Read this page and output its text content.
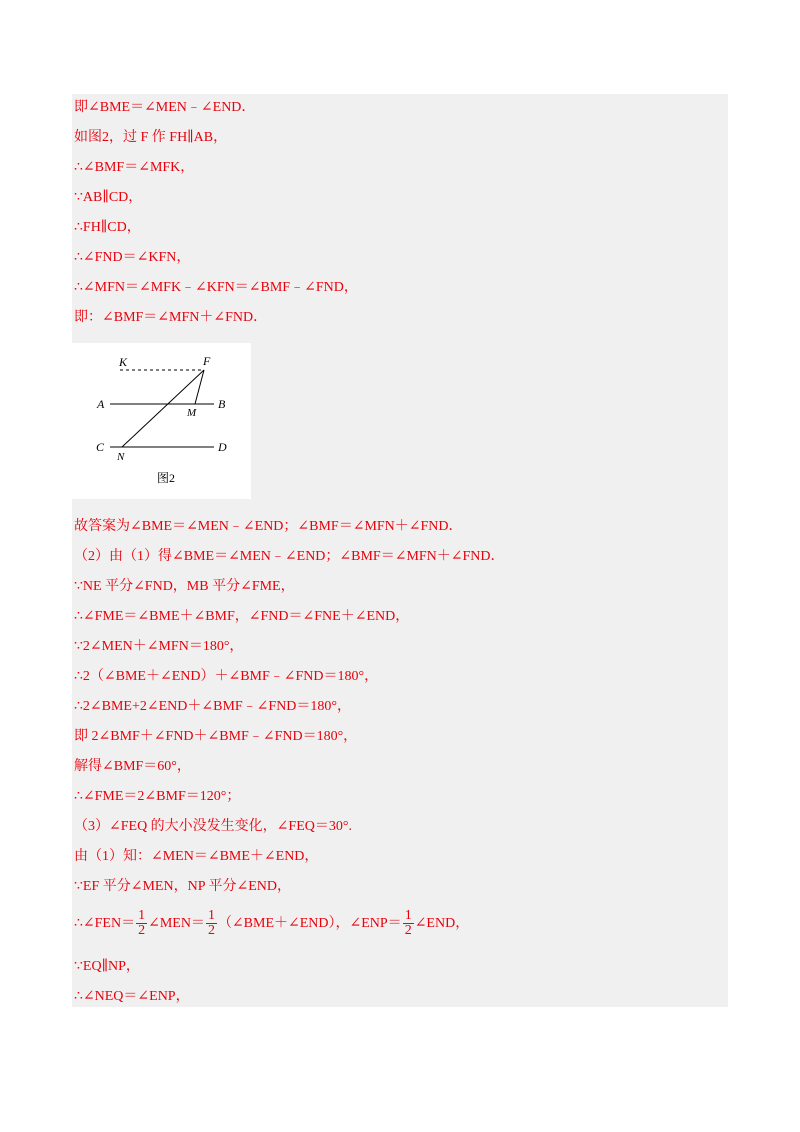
即∠BME＝∠MEN﹣∠END．
如图2，过 F 作 FH∥AB，
∴∠BMF＝∠MFK，
∵AB∥CD，
∴FH∥CD，
∴∠FND＝∠KFN，
∴∠MFN＝∠MFK﹣∠KFN＝∠BMF﹣∠FND，
即：∠BMF＝∠MFN＋∠FND．
K	F
A	B
M
C	D
N
图2
故答案为∠BME＝∠MEN﹣∠END；∠BMF＝∠MFN＋∠FND．
（2）由（1）得∠BME＝∠MEN﹣∠END；∠BMF＝∠MFN＋∠FND．
∵NE 平分∠FND，MB 平分∠FME，
∴∠FME＝∠BME＋∠BMF，∠FND＝∠FNE＋∠END，
∵2∠MEN＋∠MFN＝180°，
∴2（∠BME＋∠END）＋∠BMF﹣∠FND＝180°，
∴2∠BME+2∠END＋∠BMF﹣∠FND＝180°，
即 2∠BMF＋∠FND＋∠BMF﹣∠FND＝180°，
解得∠BMF＝60°，
∴∠FME＝2∠BMF＝120°；
（3）∠FEQ 的大小没发生变化，∠FEQ＝30°.
由（1）知：∠MEN＝∠BME＋∠END，
∵EF 平分∠MEN，NP 平分∠END，
∴∠FEN＝ $\frac{1}{2}$ ∠MEN＝ $\frac{1}{2}$ （∠BME＋∠END），∠ENP＝ $\frac{1}{2}$ ∠END，
∵EQ∥NP，
∴∠NEQ＝∠ENP，
